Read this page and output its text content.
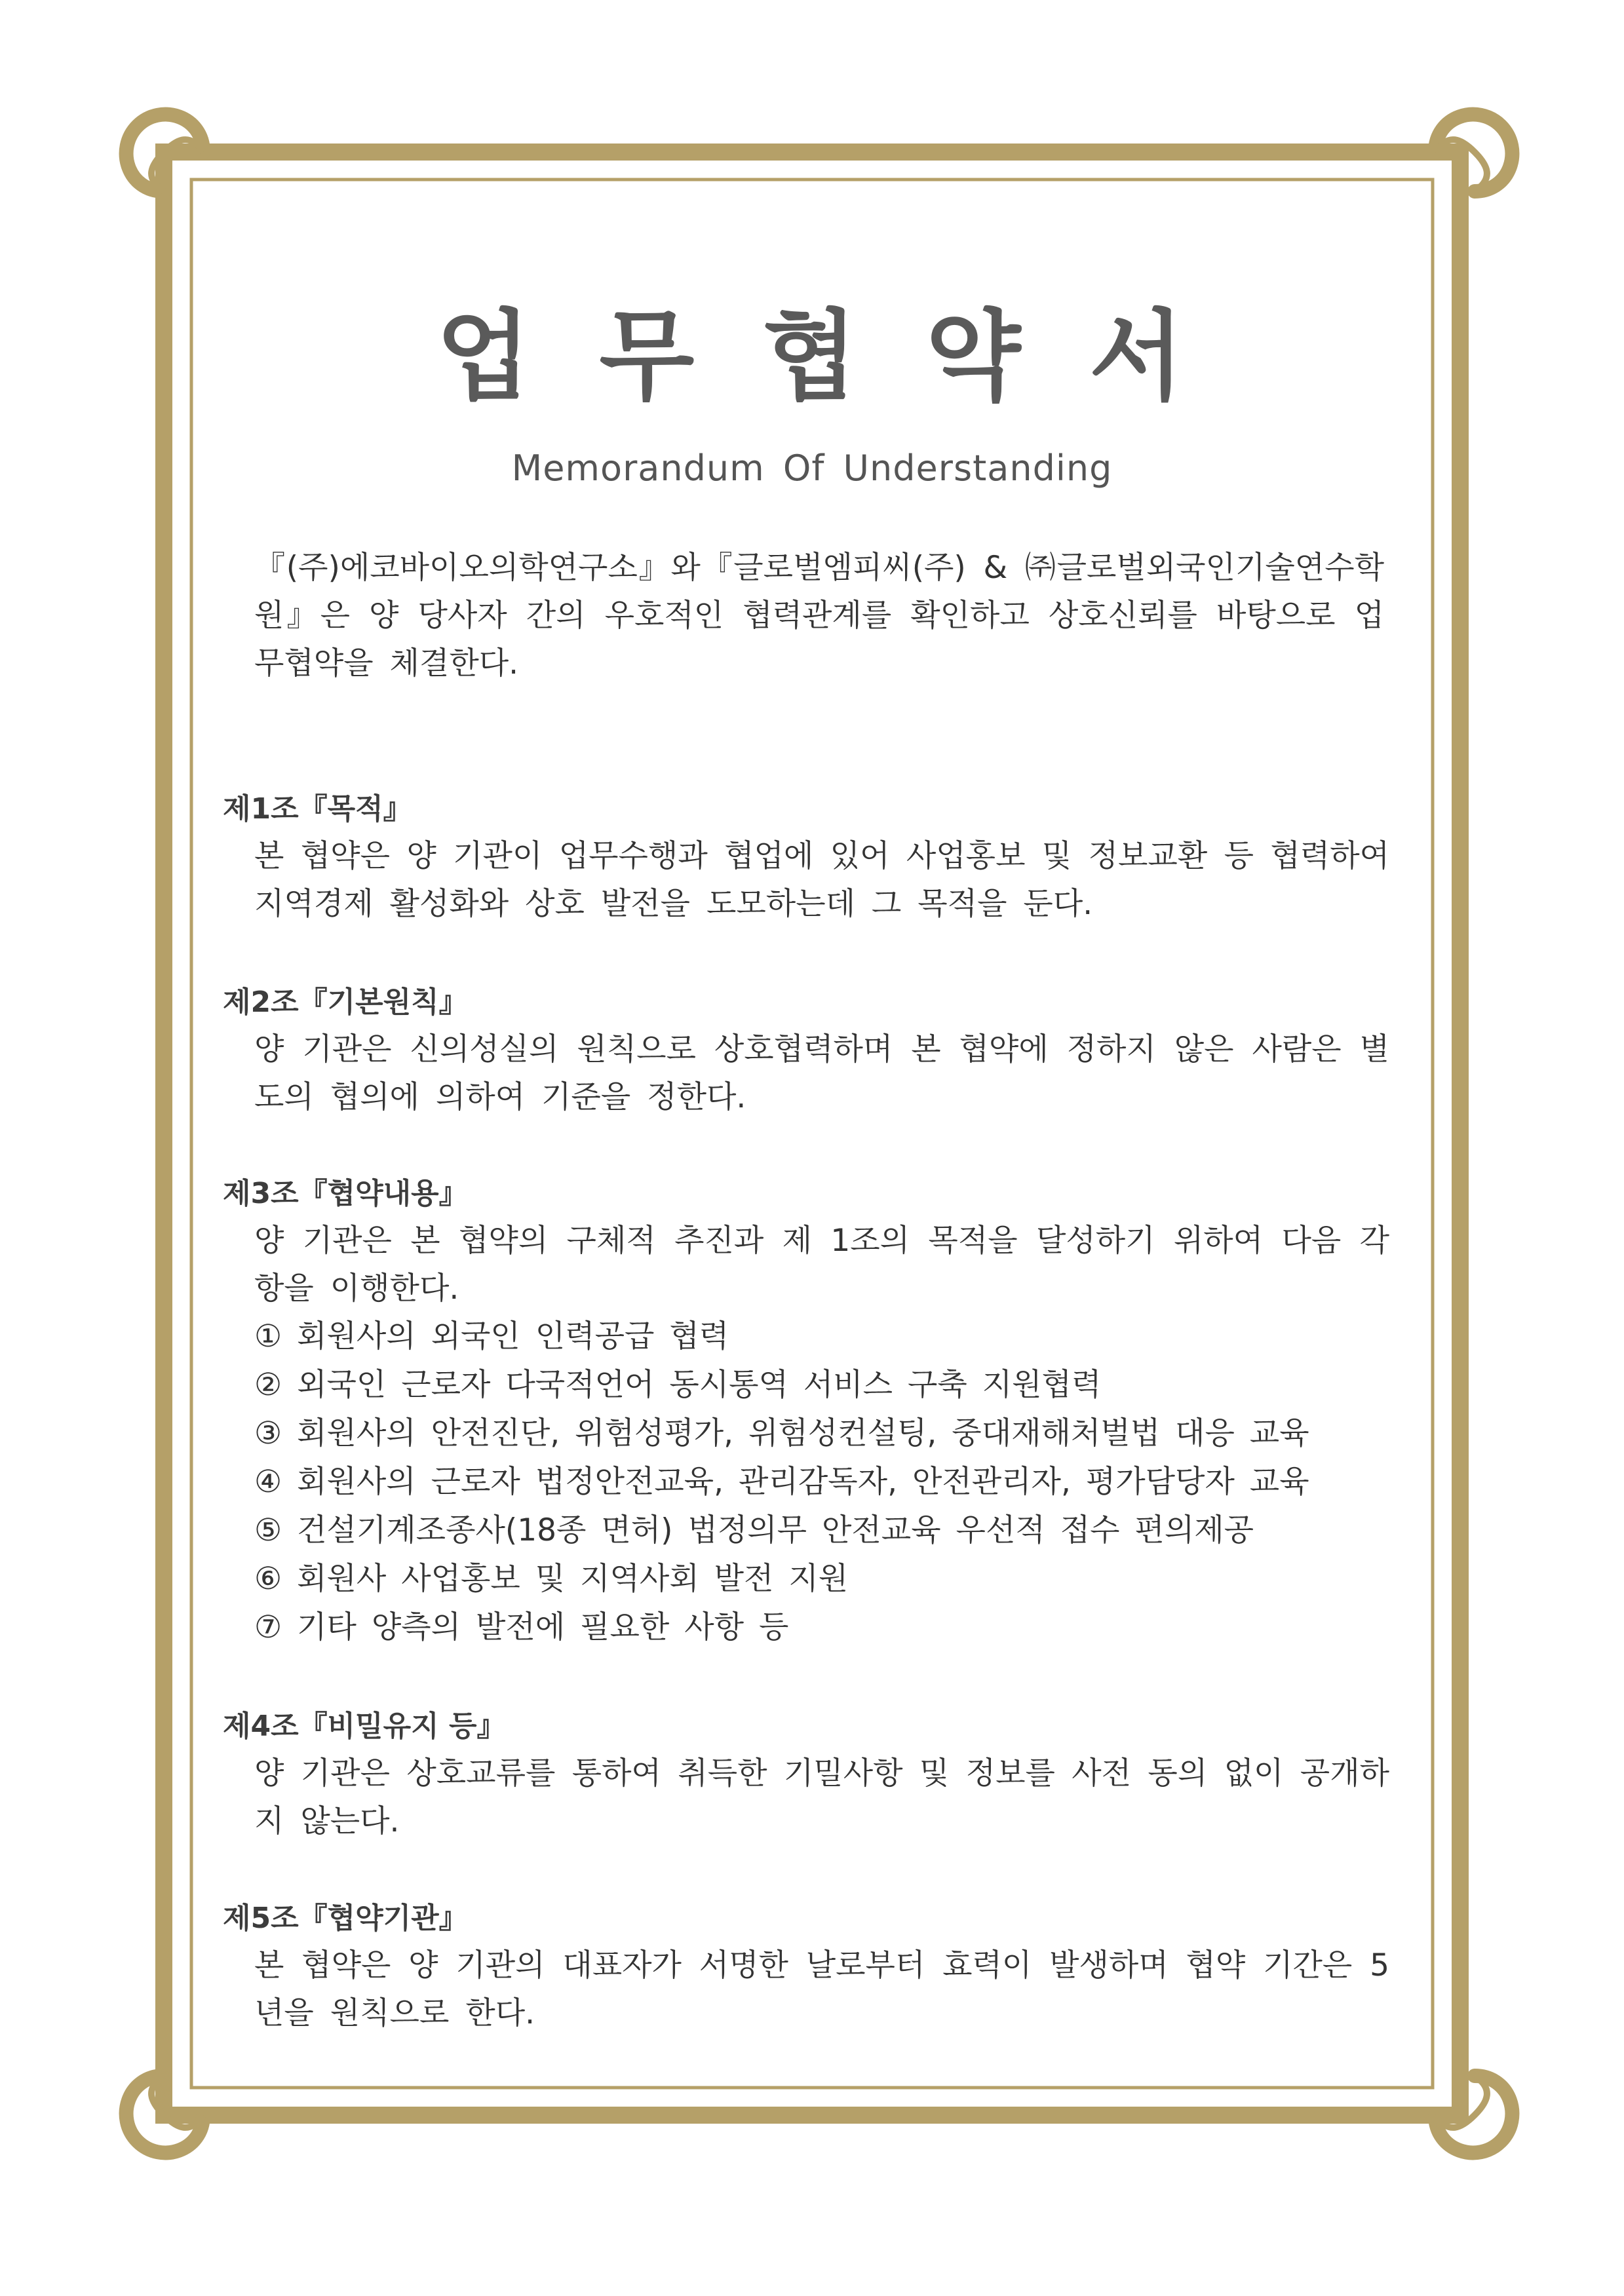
업 무 협 약 서
Memorandum Of Understanding

『(주)에코바이오의학연구소』와『글로벌엠피씨(주) & ㈜글로벌외국인기술연수학원』은 양 당사자 간의 우호적인 협력관계를 확인하고 상호신뢰를 바탕으로 업무협약을 체결한다.

제1조『목적』

본 협약은 양 기관이 업무수행과 협업에 있어 사업홍보 및 정보교환 등 협력하여 지역경제 활성화와 상호 발전을 도모하는데 그 목적을 둔다.

제2조『기본원칙』

양 기관은 신의성실의 원칙으로 상호협력하며 본 협약에 정하지 않은 사람은 별도의 협의에 의하여 기준을 정한다.

제3조『협약내용』

양 기관은 본 협약의 구체적 추진과 제 1조의 목적을 달성하기 위하여 다음 각 항을 이행한다.

① 회원사의 외국인 인력공급 협력
② 외국인 근로자 다국적언어 동시통역 서비스 구축 지원협력
③ 회원사의 안전진단, 위험성평가, 위험성컨설팅, 중대재해처벌법 대응 교육
④ 회원사의 근로자 법정안전교육, 관리감독자, 안전관리자, 평가담당자 교육
⑤ 건설기계조종사(18종 면허) 법정의무 안전교육 우선적 접수 편의제공
⑥ 회원사 사업홍보 및 지역사회 발전 지원
⑦ 기타 양측의 발전에 필요한 사항 등
제4조『비밀유지 등』

양 기관은 상호교류를 통하여 취득한 기밀사항 및 정보를 사전 동의 없이 공개하지 않는다.

제5조『협약기관』

본 협약은 양 기관의 대표자가 서명한 날로부터 효력이 발생하며 협약 기간은 5년을 원칙으로 한다.
